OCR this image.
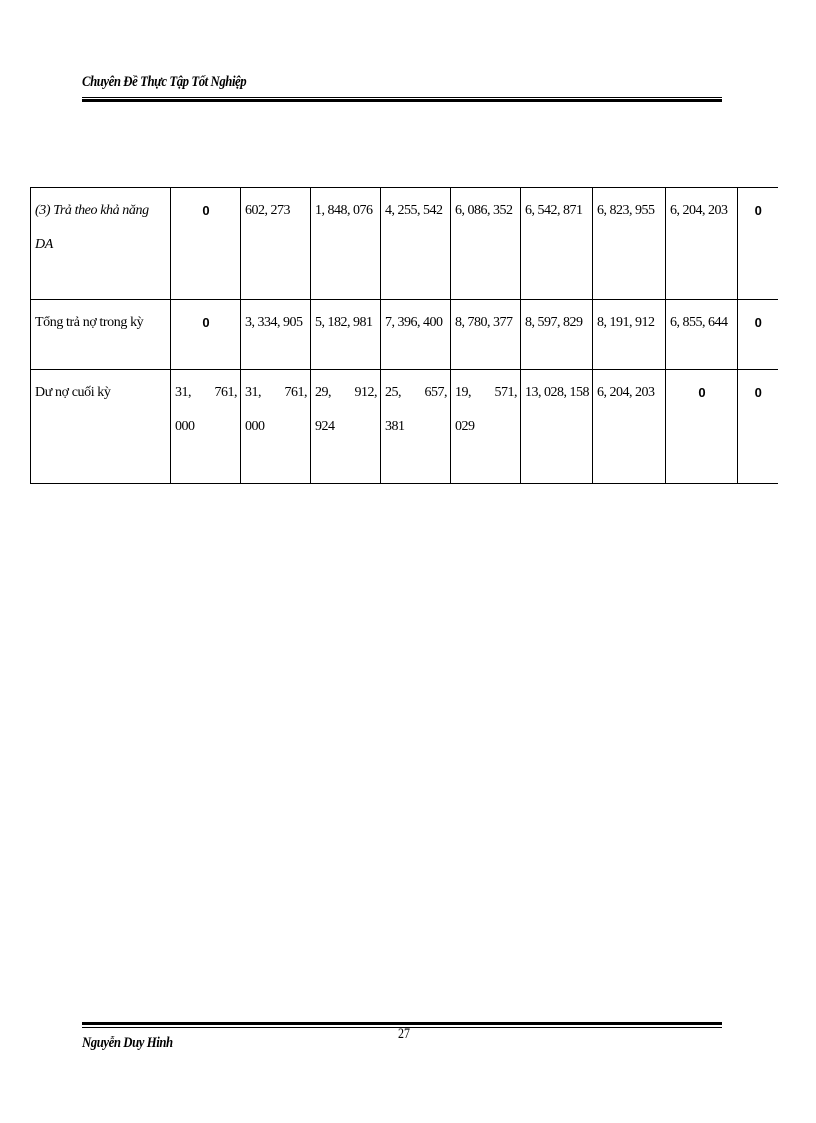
Chuyên Đề Thực Tập Tốt Nghiệp
(3) Trả theo khả năng DA	0	602, 273	1, 848, 076	4, 255, 542	6, 086, 352	6, 542, 871	6, 823, 955	6, 204, 203	0

Tổng trả nợ trong kỳ	0	3, 334, 905	5, 182, 981	7, 396, 400	8, 780, 377	8, 597, 829	8, 191, 912	6, 855, 644	0

Dư nợ cuối kỳ	31, 761, 000	31, 761, 000	29, 912, 924	25, 657, 381	19, 571, 029	13, 028, 158	6, 204, 203	0	0
Nguyễn Duy Hinh
27
